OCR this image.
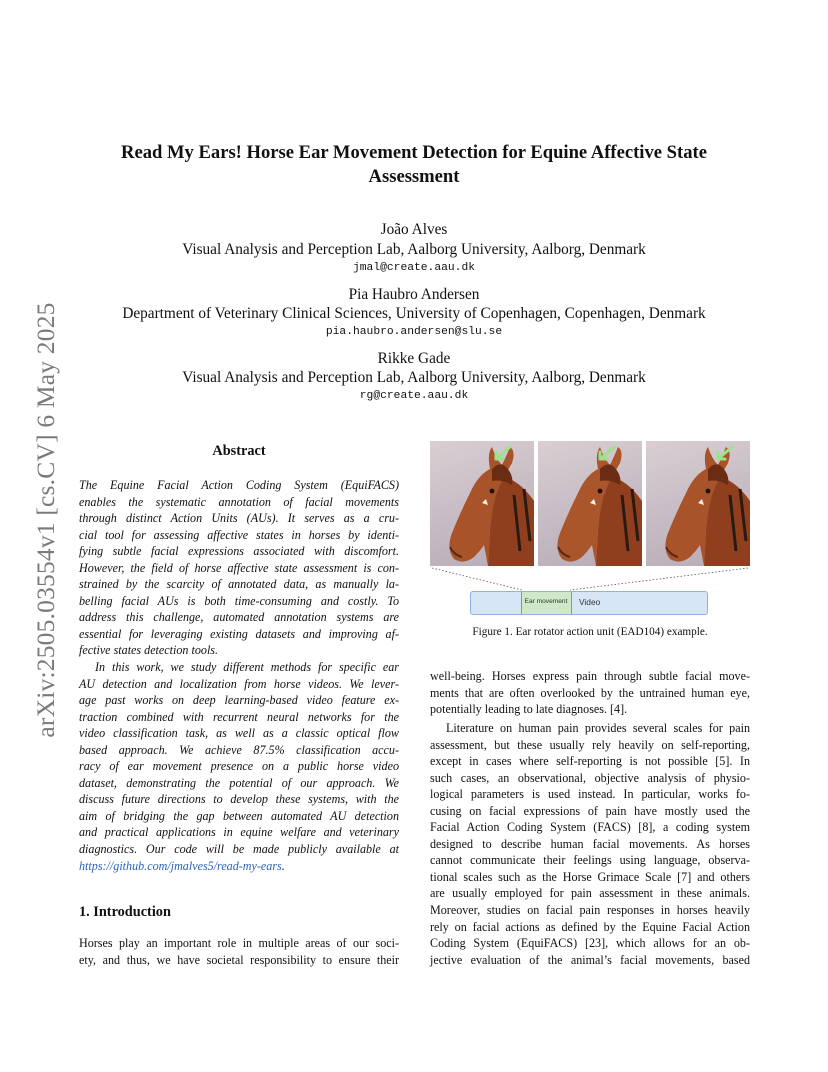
arXiv:2505.03554v1 [cs.CV] 6 May 2025
Read My Ears! Horse Ear Movement Detection for Equine Affective State
Assessment
João Alves
Visual Analysis and Perception Lab, Aalborg University, Aalborg, Denmark
jmal@create.aau.dk
Pia Haubro Andersen
Department of Veterinary Clinical Sciences, University of Copenhagen, Copenhagen, Denmark
pia.haubro.andersen@slu.se
Rikke Gade
Visual Analysis and Perception Lab, Aalborg University, Aalborg, Denmark
rg@create.aau.dk
Abstract
The Equine Facial Action Coding System (EquiFACS)
enables the systematic annotation of facial movements
through distinct Action Units (AUs). It serves as a cru-
cial tool for assessing affective states in horses by identi-
fying subtle facial expressions associated with discomfort.
However, the field of horse affective state assessment is con-
strained by the scarcity of annotated data, as manually la-
belling facial AUs is both time-consuming and costly. To
address this challenge, automated annotation systems are
essential for leveraging existing datasets and improving af-
fective states detection tools.
In this work, we study different methods for specific ear
AU detection and localization from horse videos. We lever-
age past works on deep learning-based video feature ex-
traction combined with recurrent neural networks for the
video classification task, as well as a classic optical flow
based approach. We achieve 87.5% classification accu-
racy of ear movement presence on a public horse video
dataset, demonstrating the potential of our approach. We
discuss future directions to develop these systems, with the
aim of bridging the gap between automated AU detection
and practical applications in equine welfare and veterinary
diagnostics. Our code will be made publicly available at
https://github.com/jmalves5/read-my-ears.
1. Introduction
Horses play an important role in multiple areas of our soci-
ety, and thus, we have societal responsibility to ensure their
Ear movement	Video
Figure 1. Ear rotator action unit (EAD104) example.
well-being. Horses express pain through subtle facial move-
ments that are often overlooked by the untrained human eye,
potentially leading to late diagnoses. [4].
Literature on human pain provides several scales for pain
assessment, but these usually rely heavily on self-reporting,
except in cases where self-reporting is not possible [5]. In
such cases, an observational, objective analysis of physio-
logical parameters is used instead. In particular, works fo-
cusing on facial expressions of pain have mostly used the
Facial Action Coding System (FACS) [8], a coding system
designed to describe human facial movements. As horses
cannot communicate their feelings using language, observa-
tional scales such as the Horse Grimace Scale [7] and others
are usually employed for pain assessment in these animals.
Moreover, studies on facial pain responses in horses heavily
rely on facial actions as defined by the Equine Facial Action
Coding System (EquiFACS) [23], which allows for an ob-
jective evaluation of the animal’s facial movements, based
